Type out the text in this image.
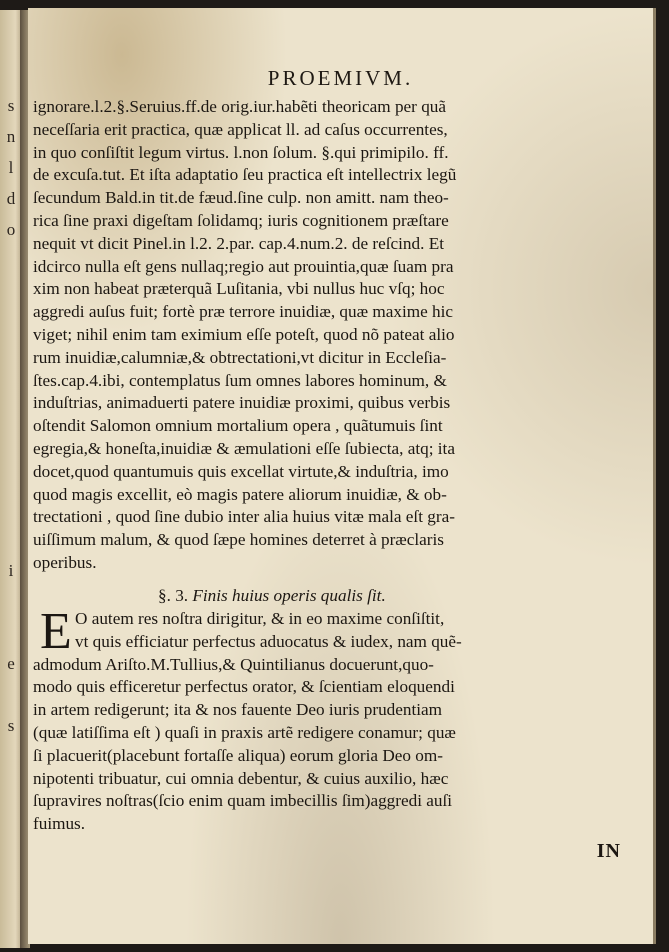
s
n
l
d
o
i
e
s
PROEMIVM.
ignorare.l.2.§.Seruius.ff.de orig.iur.habẽti theoricam per quã
neceſſaria erit practica, quæ applicat ll. ad caſus occurrentes,
in quo conſiſtit legum virtus. l.non ſolum. §.qui primipilo. ff.
de excuſa.tut. Et iſta adaptatio ſeu practica eſt intellectrix legũ
ſecundum Bald.in tit.de fæud.ſine culp. non amitt. nam theo-
rica ſine praxi digeſtam ſolidamq; iuris cognitionem præſtare
nequit vt dicit Pinel.in l.2. 2.par. cap.4.num.2. de reſcind. Et
idcirco nulla eſt gens nullaq;regio aut prouintia,quæ ſuam pra
xim non habeat præterquã Luſitania, vbi nullus huc vſq; hoc
aggredi auſus fuit; fortè præ terrore inuidiæ, quæ maxime hic
viget; nihil enim tam eximium eſſe poteſt, quod nõ pateat alio
rum inuidiæ,calumniæ,& obtrectationi,vt dicitur in Eccleſia-
ſtes.cap.4.ibi, contemplatus ſum omnes labores hominum, &
induſtrias, animaduerti patere inuidiæ proximi, quibus verbis
oſtendit Salomon omnium mortalium opera , quãtumuis ſint
egregia,& honeſta,inuidiæ & æmulationi eſſe ſubiecta, atq; ita
docet,quod quantumuis quis excellat virtute,& induſtria, imo
quod magis excellit, eò magis patere aliorum inuidiæ, & ob-
trectationi , quod ſine dubio inter alia huius vitæ mala eſt gra-
uiſſimum malum, & quod ſæpe homines deterret à præclaris
operibus.
§. 3. Finis huius operis qualis ſit.
E O autem res noſtra dirigitur, & in eo maxime conſiſtit,
vt quis efficiatur perfectus aduocatus & iudex, nam quẽ-
admodum Ariſto.M.Tullius,& Quintilianus docuerunt,quo-
modo quis efficeretur perfectus orator, & ſcientiam eloquendi
in artem redigerunt; ita & nos fauente Deo iuris prudentiam
(quæ latiſſima eſt ) quaſi in praxis artẽ redigere conamur; quæ
ſi placuerit(placebunt fortaſſe aliqua) eorum gloria Deo om-
nipotenti tribuatur, cui omnia debentur, & cuius auxilio, hæc
ſupravires noſtras(ſcio enim quam imbecillis ſim)aggredi auſi
fuimus.
IN
